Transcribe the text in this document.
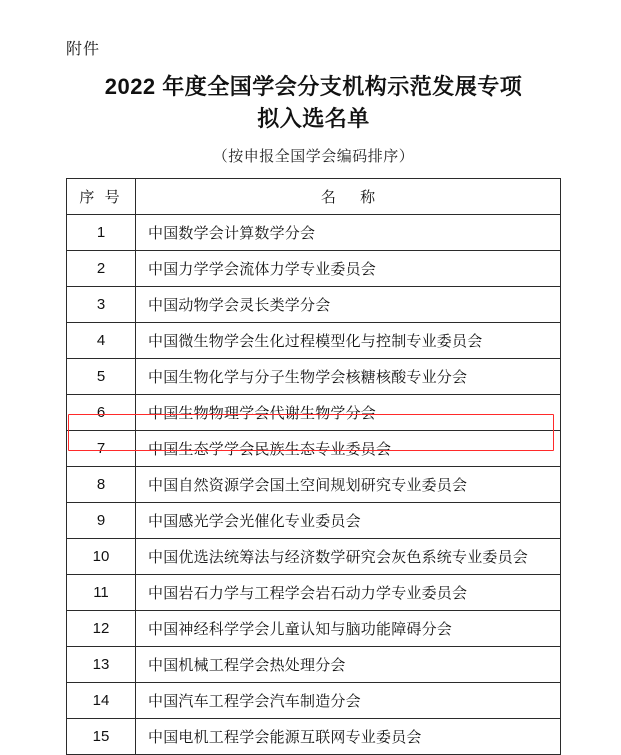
附件
2022 年度全国学会分支机构示范发展专项
拟入选名单
（按申报全国学会编码排序）
序 号	名 称
1	中国数学会计算数学分会
2	中国力学学会流体力学专业委员会
3	中国动物学会灵长类学分会
4	中国微生物学会生化过程模型化与控制专业委员会
5	中国生物化学与分子生物学会核糖核酸专业分会
6	中国生物物理学会代谢生物学分会
7	中国生态学学会民族生态专业委员会
8	中国自然资源学会国土空间规划研究专业委员会
9	中国感光学会光催化专业委员会
10	中国优选法统筹法与经济数学研究会灰色系统专业委员会
11	中国岩石力学与工程学会岩石动力学专业委员会
12	中国神经科学学会儿童认知与脑功能障碍分会
13	中国机械工程学会热处理分会
14	中国汽车工程学会汽车制造分会
15	中国电机工程学会能源互联网专业委员会
